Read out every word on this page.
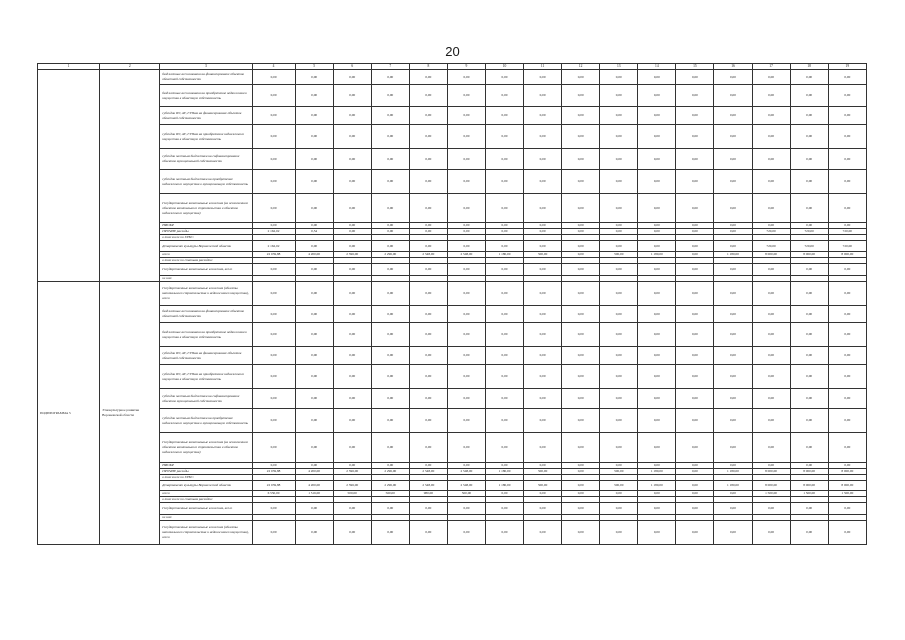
20
1	2	3	4	5	6	7	8	9	10	11	12	13	14	15	16	17	18	19
		бюджетные ассигнования на финансирование объектов областной собственности	0,00	0,00	0,00	0,00	0,00	0,00	0,00	0,00	0,00	0,00	0,00	0,00	0,00	0,00	0,00	0,00
		бюджетные ассигнования на приобретение недвижимого имущества в областную собственность	0,00	0,00	0,00	0,00	0,00	0,00	0,00	0,00	0,00	0,00	0,00	0,00	0,00	0,00	0,00	0,00
		субсидии БУ, АУ, ГУПам на финансирование объектов областной собственности	0,00	0,00	0,00	0,00	0,00	0,00	0,00	0,00	0,00	0,00	0,00	0,00	0,00	0,00	0,00	0,00
		субсидии БУ, АУ, ГУПам на приобретение недвижимого имущества в областную собственность	0,00	0,00	0,00	0,00	0,00	0,00	0,00	0,00	0,00	0,00	0,00	0,00	0,00	0,00	0,00	0,00
		субсидии местным бюджетам на софинансирование объектов муниципальной собственности	0,00	0,00	0,00	0,00	0,00	0,00	0,00	0,00	0,00	0,00	0,00	0,00	0,00	0,00	0,00	0,00
		субсидии местным бюджетам на приобретение недвижимого имущества в муниципальную собственность	0,00	0,00	0,00	0,00	0,00	0,00	0,00	0,00	0,00	0,00	0,00	0,00	0,00	0,00	0,00	0,00
		Государственные капитальные вложения (за исключением объектов капитального строительства и объектов недвижимого имущества)	0,00	0,00	0,00	0,00	0,00	0,00	0,00	0,00	0,00	0,00	0,00	0,00	0,00	0,00	0,00	0,00
		НИОКР	0,00	0,00	0,00	0,00	0,00	0,00	0,00	0,00	0,00	0,00	0,00	0,00	0,00	0,00	0,00	0,00
		ПРОЧИЕ расходы	2 162,02	0,54	0,00	0,00	0,00	0,00	0,00	0,00	0,00	0,00	0,00	0,00	0,00	720,00	720,00	720,00
		в том числе по ГРБС:																
		Департамент культуры Воронежской области	2 162,02	0,00	0,00	0,00	0,00	0,00	0,00	0,00	0,00	0,00	0,00	0,00	0,00	720,00	720,00	720,00
		всего	22 039,88	4 200,00	2 396,00	2 296,00	2 548,00	2 548,00	1 180,00	500,00	0,00	500,00	1 180,00	0,00	1 180,00	8 000,00	8 000,00	8 000,00
		в том числе по статьям расходов:																
		Государственные капитальные вложения, всего	0,00	0,00	0,00	0,00	0,00	0,00	0,00	0,00	0,00	0,00	0,00	0,00	0,00	0,00	0,00	0,00
		из них:																
ПОДПРОГРАММА 5	Этнокультурное развитие Воронежской области	Государственные капитальные вложения (объекты капитального строительства и недвижимого имущества), всего	0,00	0,00	0,00	0,00	0,00	0,00	0,00	0,00	0,00	0,00	0,00	0,00	0,00	0,00	0,00	0,00
		бюджетные ассигнования на финансирование объектов областной собственности	0,00	0,00	0,00	0,00	0,00	0,00	0,00	0,00	0,00	0,00	0,00	0,00	0,00	0,00	0,00	0,00
		бюджетные ассигнования на приобретение недвижимого имущества в областную собственность	0,00	0,00	0,00	0,00	0,00	0,00	0,00	0,00	0,00	0,00	0,00	0,00	0,00	0,00	0,00	0,00
		субсидии БУ, АУ, ГУПам на финансирование объектов областной собственности	0,00	0,00	0,00	0,00	0,00	0,00	0,00	0,00	0,00	0,00	0,00	0,00	0,00	0,00	0,00	0,00
		субсидии БУ, АУ, ГУПам на приобретение недвижимого имущества в областную собственность	0,00	0,00	0,00	0,00	0,00	0,00	0,00	0,00	0,00	0,00	0,00	0,00	0,00	0,00	0,00	0,00
		субсидии местным бюджетам на софинансирование объектов муниципальной собственности	0,00	0,00	0,00	0,00	0,00	0,00	0,00	0,00	0,00	0,00	0,00	0,00	0,00	0,00	0,00	0,00
		субсидии местным бюджетам на приобретение недвижимого имущества в муниципальную собственность	0,00	0,00	0,00	0,00	0,00	0,00	0,00	0,00	0,00	0,00	0,00	0,00	0,00	0,00	0,00	0,00
		Государственные капитальные вложения (за исключением объектов капитального строительства и объектов недвижимого имущества)	0,00	0,00	0,00	0,00	0,00	0,00	0,00	0,00	0,00	0,00	0,00	0,00	0,00	0,00	0,00	0,00
		НИОКР	0,00	0,00	0,00	0,00	0,00	0,00	0,00	0,00	0,00	0,00	0,00	0,00	0,00	0,00	0,00	0,00
		ПРОЧИЕ расходы	22 039,88	4 200,00	2 396,00	2 296,00	2 548,00	2 548,00	1 180,00	500,00	0,00	500,00	1 180,00	0,00	1 180,00	8 000,00	8 000,00	8 000,00
		в том числе по ГРБС:																
		Департамент культуры Воронежской области	22 039,88	4 200,00	2 396,00	2 296,00	2 548,00	2 548,00	1 180,00	500,00	0,00	500,00	1 180,00	0,00	1 180,00	8 000,00	8 000,00	8 000,00
		всего	6 550,00	1 516,00	500,00	560,00	980,00	500,00	0,00	0,00	0,00	0,00	0,00	0,00	0,00	1 500,00	1 500,00	1 500,00
		в том числе по статьям расходов:																
		Государственные капитальные вложения, всего	0,00	0,00	0,00	0,00	0,00	0,00	0,00	0,00	0,00	0,00	0,00	0,00	0,00	0,00	0,00	0,00
		из них:																
		Государственные капитальные вложения (объекты капитального строительства и недвижимого имущества), всего	0,00	0,00	0,00	0,00	0,00	0,00	0,00	0,00	0,00	0,00	0,00	0,00	0,00	0,00	0,00	0,00
